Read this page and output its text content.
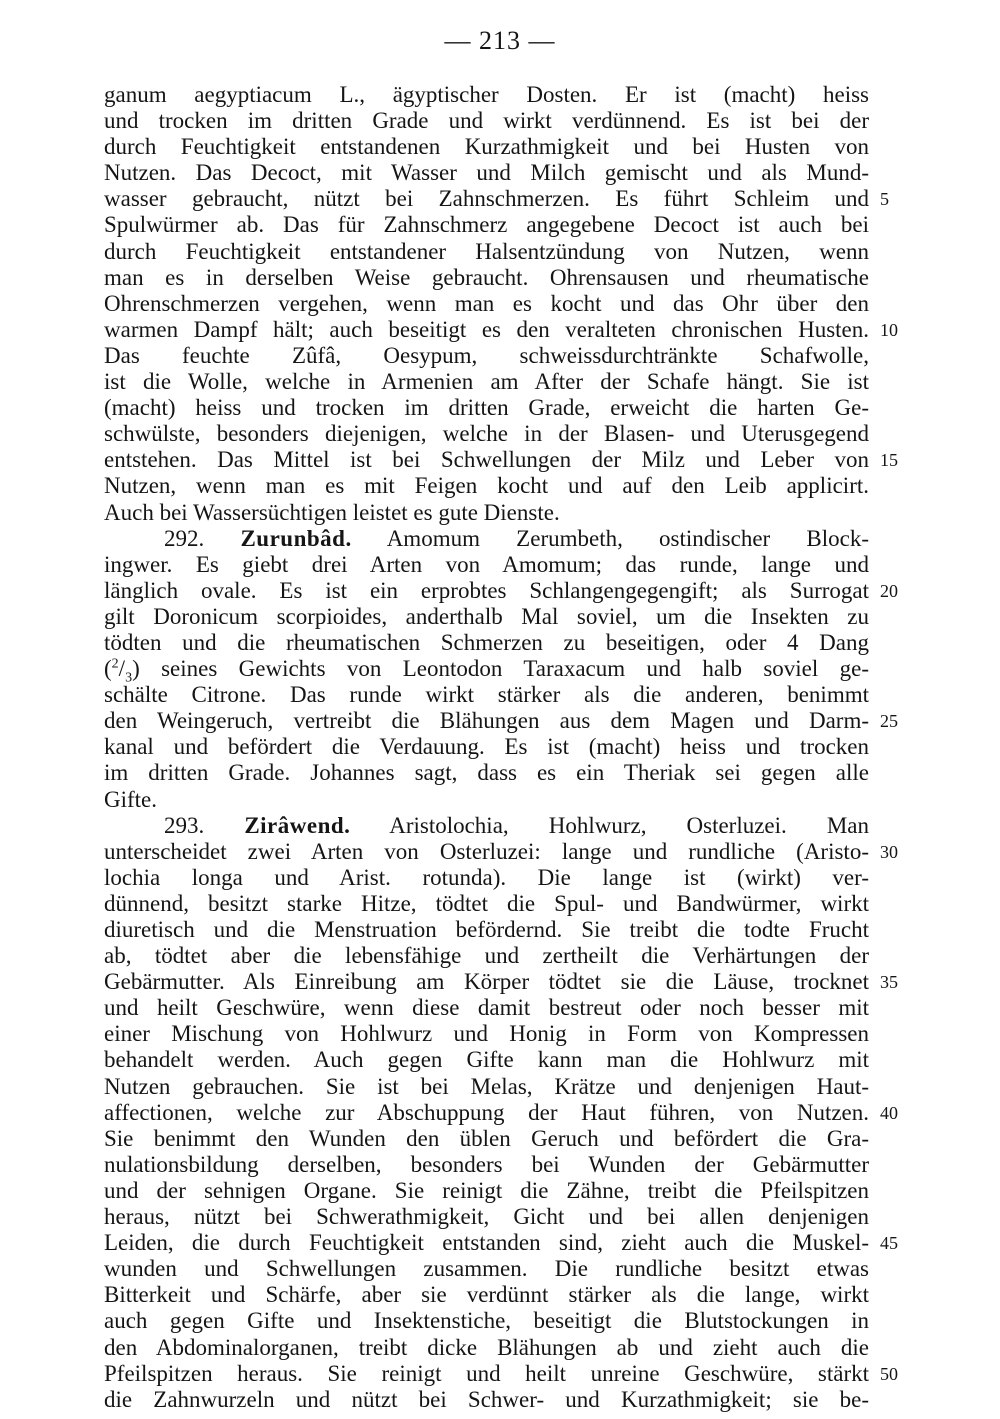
— 213 —
ganum aegyptiacum L., ägyptischer Dosten. Er ist (macht) heiss
und trocken im dritten Grade und wirkt verdünnend. Es ist bei der
durch Feuchtigkeit entstandenen Kurzathmigkeit und bei Husten von
Nutzen. Das Decoct, mit Wasser und Milch gemischt und als Mund-
wasser gebraucht, nützt bei Zahnschmerzen. Es führt Schleim und
Spulwürmer ab. Das für Zahnschmerz angegebene Decoct ist auch bei
durch Feuchtigkeit entstandener Halsentzündung von Nutzen, wenn
man es in derselben Weise gebraucht. Ohrensausen und rheumatische
Ohrenschmerzen vergehen, wenn man es kocht und das Ohr über den
warmen Dampf hält; auch beseitigt es den veralteten chronischen Husten.
Das feuchte Zûfâ, Oesypum, schweissdurchtränkte Schafwolle,
ist die Wolle, welche in Armenien am After der Schafe hängt. Sie ist
(macht) heiss und trocken im dritten Grade, erweicht die harten Ge-
schwülste, besonders diejenigen, welche in der Blasen- und Uterusgegend
entstehen. Das Mittel ist bei Schwellungen der Milz und Leber von
Nutzen, wenn man es mit Feigen kocht und auf den Leib applicirt.
Auch bei Wassersüchtigen leistet es gute Dienste.
292. Zurunbâd. Amomum Zerumbeth, ostindischer Block-
ingwer. Es giebt drei Arten von Amomum; das runde, lange und
länglich ovale. Es ist ein erprobtes Schlangengegengift; als Surrogat
gilt Doronicum scorpioides, anderthalb Mal soviel, um die Insekten zu
tödten und die rheumatischen Schmerzen zu beseitigen, oder 4 Dang
$(^2/_3)$ seines Gewichts von Leontodon Taraxacum und halb soviel ge-
schälte Citrone. Das runde wirkt stärker als die anderen, benimmt
den Weingeruch, vertreibt die Blähungen aus dem Magen und Darm-
kanal und befördert die Verdauung. Es ist (macht) heiss und trocken
im dritten Grade. Johannes sagt, dass es ein Theriak sei gegen alle
Gifte.
293. Zirâwend. Aristolochia, Hohlwurz, Osterluzei. Man
unterscheidet zwei Arten von Osterluzei: lange und rundliche (Aristo-
lochia longa und Arist. rotunda). Die lange ist (wirkt) ver-
dünnend, besitzt starke Hitze, tödtet die Spul- und Bandwürmer, wirkt
diuretisch und die Menstruation befördernd. Sie treibt die todte Frucht
ab, tödtet aber die lebensfähige und zertheilt die Verhärtungen der
Gebärmutter. Als Einreibung am Körper tödtet sie die Läuse, trocknet
und heilt Geschwüre, wenn diese damit bestreut oder noch besser mit
einer Mischung von Hohlwurz und Honig in Form von Kompressen
behandelt werden. Auch gegen Gifte kann man die Hohlwurz mit
Nutzen gebrauchen. Sie ist bei Melas, Krätze und denjenigen Haut-
affectionen, welche zur Abschuppung der Haut führen, von Nutzen.
Sie benimmt den Wunden den üblen Geruch und befördert die Gra-
nulationsbildung derselben, besonders bei Wunden der Gebärmutter
und der sehnigen Organe. Sie reinigt die Zähne, treibt die Pfeilspitzen
heraus, nützt bei Schwerathmigkeit, Gicht und bei allen denjenigen
Leiden, die durch Feuchtigkeit entstanden sind, zieht auch die Muskel-
wunden und Schwellungen zusammen. Die rundliche besitzt etwas
Bitterkeit und Schärfe, aber sie verdünnt stärker als die lange, wirkt
auch gegen Gifte und Insektenstiche, beseitigt die Blutstockungen in
den Abdominalorganen, treibt dicke Blähungen ab und zieht auch die
Pfeilspitzen heraus. Sie reinigt und heilt unreine Geschwüre, stärkt
die Zahnwurzeln und nützt bei Schwer- und Kurzathmigkeit; sie be-
5
10
15
20
25
30
35
40
45
50
